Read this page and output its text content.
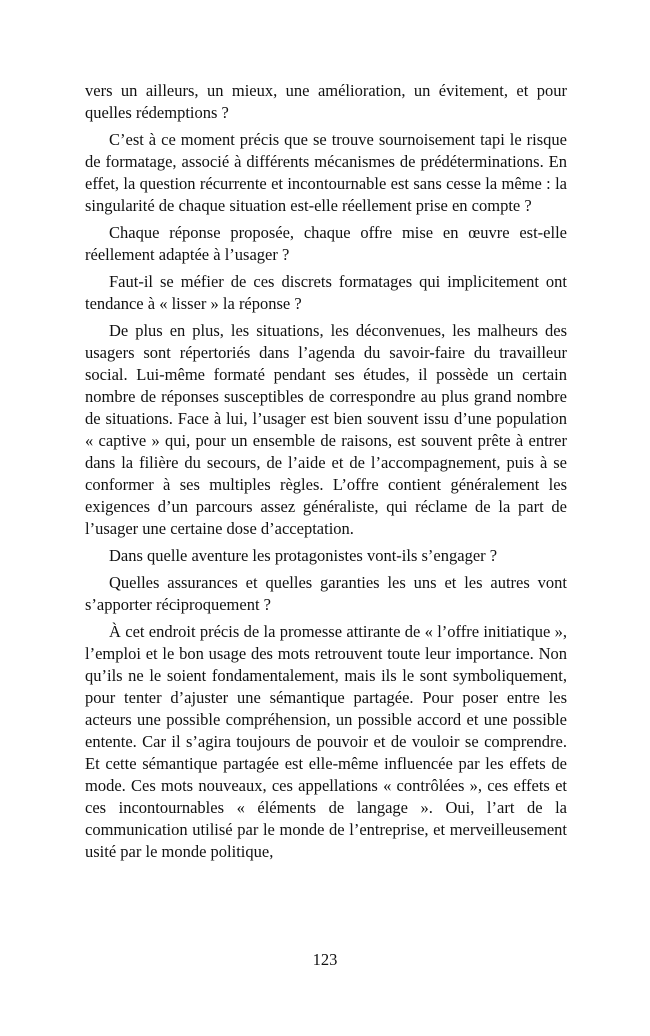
vers un ailleurs, un mieux, une amélioration, un évitement, et pour quelles rédemptions ?

C’est à ce moment précis que se trouve sournoisement tapi le risque de formatage, associé à différents mécanismes de prédéterminations. En effet, la question récurrente et incontournable est sans cesse la même : la singularité de chaque situation est-elle réellement prise en compte ?

Chaque réponse proposée, chaque offre mise en œuvre est-elle réellement adaptée à l’usager ?

Faut-il se méfier de ces discrets formatages qui implicitement ont tendance à « lisser » la réponse ?

De plus en plus, les situations, les déconvenues, les malheurs des usagers sont répertoriés dans l’agenda du savoir-faire du travailleur social. Lui-même formaté pendant ses études, il possède un certain nombre de réponses susceptibles de correspondre au plus grand nombre de situations. Face à lui, l’usager est bien souvent issu d’une population « captive » qui, pour un ensemble de raisons, est souvent prête à entrer dans la filière du secours, de l’aide et de l’accompagnement, puis à se conformer à ses multiples règles. L’offre contient généralement les exigences d’un parcours assez généraliste, qui réclame de la part de l’usager une certaine dose d’acceptation.

Dans quelle aventure les protagonistes vont-ils s’engager ?

Quelles assurances et quelles garanties les uns et les autres vont s’apporter réciproquement ?

À cet endroit précis de la promesse attirante de « l’offre initiatique », l’emploi et le bon usage des mots retrouvent toute leur importance. Non qu’ils ne le soient fondamentalement, mais ils le sont symboliquement, pour tenter d’ajuster une sémantique partagée. Pour poser entre les acteurs une possible compréhension, un possible accord et une possible entente. Car il s’agira toujours de pouvoir et de vouloir se comprendre. Et cette sémantique partagée est elle-même influencée par les effets de mode. Ces mots nouveaux, ces appellations « contrôlées », ces effets et ces incontournables « éléments de langage ». Oui, l’art de la communication utilisé par le monde de l’entreprise, et merveilleusement usité par le monde politique,

123
